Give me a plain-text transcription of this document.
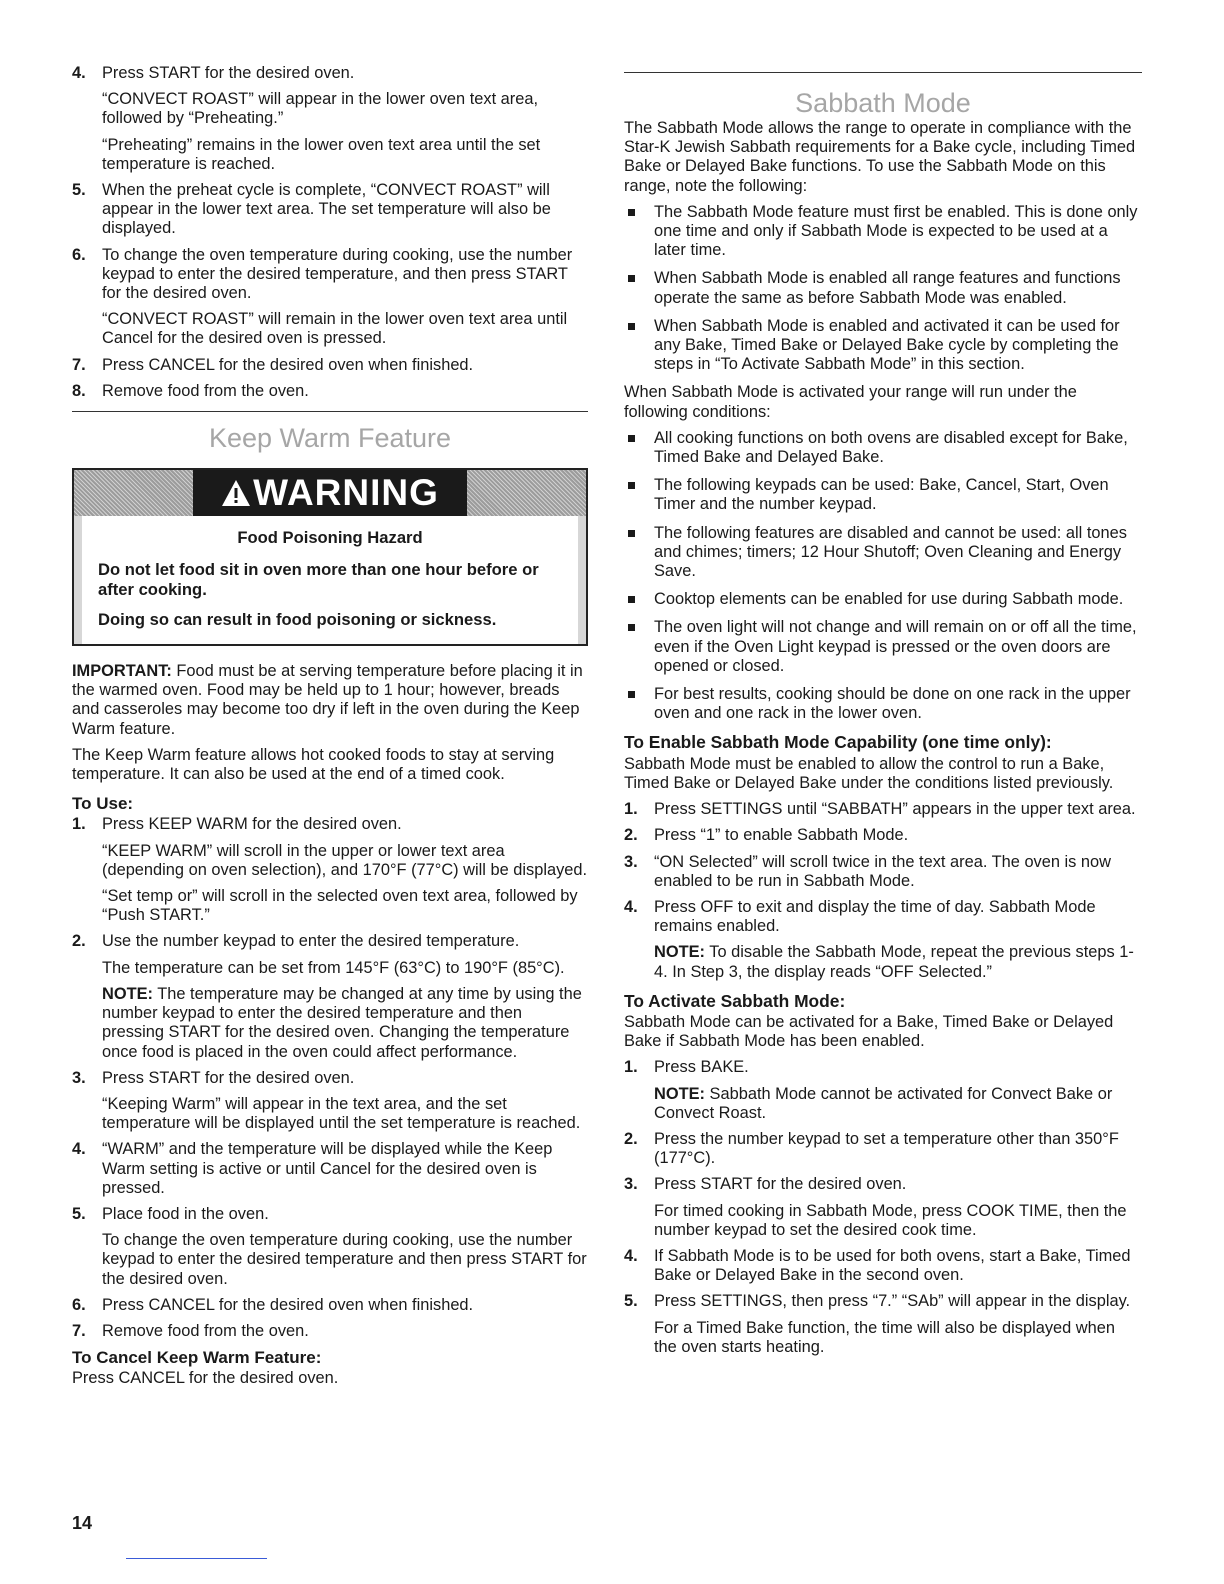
4. Press START for the desired oven.

“CONVECT ROAST” will appear in the lower oven text area, followed by “Preheating.”

“Preheating” remains in the lower oven text area until the set temperature is reached.

5. When the preheat cycle is complete, “CONVECT ROAST” will appear in the lower text area. The set temperature will also be displayed.

6. To change the oven temperature during cooking, use the number keypad to enter the desired temperature, and then press START for the desired oven.

“CONVECT ROAST” will remain in the lower oven text area until Cancel for the desired oven is pressed.

7. Press CANCEL for the desired oven when finished.

8. Remove food from the oven.

Keep Warm Feature
WARNING
Food Poisoning Hazard
Do not let food sit in oven more than one hour before or after cooking.
Doing so can result in food poisoning or sickness.

IMPORTANT: Food must be at serving temperature before placing it in the warmed oven. Food may be held up to 1 hour; however, breads and casseroles may become too dry if left in the oven during the Keep Warm feature.

The Keep Warm feature allows hot cooked foods to stay at serving temperature. It can also be used at the end of a timed cook.

To Use:
1. Press KEEP WARM for the desired oven.

“KEEP WARM” will scroll in the upper or lower text area (depending on oven selection), and 170°F (77°C) will be displayed.

“Set temp or” will scroll in the selected oven text area, followed by “Push START.”

2. Use the number keypad to enter the desired temperature.

The temperature can be set from 145°F (63°C) to 190°F (85°C).

NOTE: The temperature may be changed at any time by using the number keypad to enter the desired temperature and then pressing START for the desired oven. Changing the temperature once food is placed in the oven could affect performance.

3. Press START for the desired oven.

“Keeping Warm” will appear in the text area, and the set temperature will be displayed until the set temperature is reached.

4. “WARM” and the temperature will be displayed while the Keep Warm setting is active or until Cancel for the desired oven is pressed.

5. Place food in the oven.

To change the oven temperature during cooking, use the number keypad to enter the desired temperature and then press START for the desired oven.

6. Press CANCEL for the desired oven when finished.

7. Remove food from the oven.

To Cancel Keep Warm Feature:

Press CANCEL for the desired oven.

Sabbath Mode

The Sabbath Mode allows the range to operate in compliance with the Star-K Jewish Sabbath requirements for a Bake cycle, including Timed Bake or Delayed Bake functions. To use the Sabbath Mode on this range, note the following:

The Sabbath Mode feature must first be enabled. This is done only one time and only if Sabbath Mode is expected to be used at a later time.
When Sabbath Mode is enabled all range features and functions operate the same as before Sabbath Mode was enabled.
When Sabbath Mode is enabled and activated it can be used for any Bake, Timed Bake or Delayed Bake cycle by completing the steps in “To Activate Sabbath Mode” in this section.

When Sabbath Mode is activated your range will run under the following conditions:

All cooking functions on both ovens are disabled except for Bake, Timed Bake and Delayed Bake.
The following keypads can be used: Bake, Cancel, Start, Oven Timer and the number keypad.
The following features are disabled and cannot be used: all tones and chimes; timers; 12 Hour Shutoff; Oven Cleaning and Energy Save.
Cooktop elements can be enabled for use during Sabbath mode.
The oven light will not change and will remain on or off all the time, even if the Oven Light keypad is pressed or the oven doors are opened or closed.
For best results, cooking should be done on one rack in the upper oven and one rack in the lower oven.
To Enable Sabbath Mode Capability (one time only):

Sabbath Mode must be enabled to allow the control to run a Bake, Timed Bake or Delayed Bake under the conditions listed previously.

1. Press SETTINGS until “SABBATH” appears in the upper text area.

2. Press “1” to enable Sabbath Mode.

3. “ON Selected” will scroll twice in the text area. The oven is now enabled to be run in Sabbath Mode.

4. Press OFF to exit and display the time of day. Sabbath Mode remains enabled.

NOTE: To disable the Sabbath Mode, repeat the previous steps 1-4. In Step 3, the display reads “OFF Selected.”

To Activate Sabbath Mode:

Sabbath Mode can be activated for a Bake, Timed Bake or Delayed Bake if Sabbath Mode has been enabled.

1. Press BAKE.

NOTE: Sabbath Mode cannot be activated for Convect Bake or Convect Roast.

2. Press the number keypad to set a temperature other than 350°F (177°C).

3. Press START for the desired oven.

For timed cooking in Sabbath Mode, press COOK TIME, then the number keypad to set the desired cook time.

4. If Sabbath Mode is to be used for both ovens, start a Bake, Timed Bake or Delayed Bake in the second oven.

5. Press SETTINGS, then press “7.” “SAb” will appear in the display.

For a Timed Bake function, the time will also be displayed when the oven starts heating.

14
